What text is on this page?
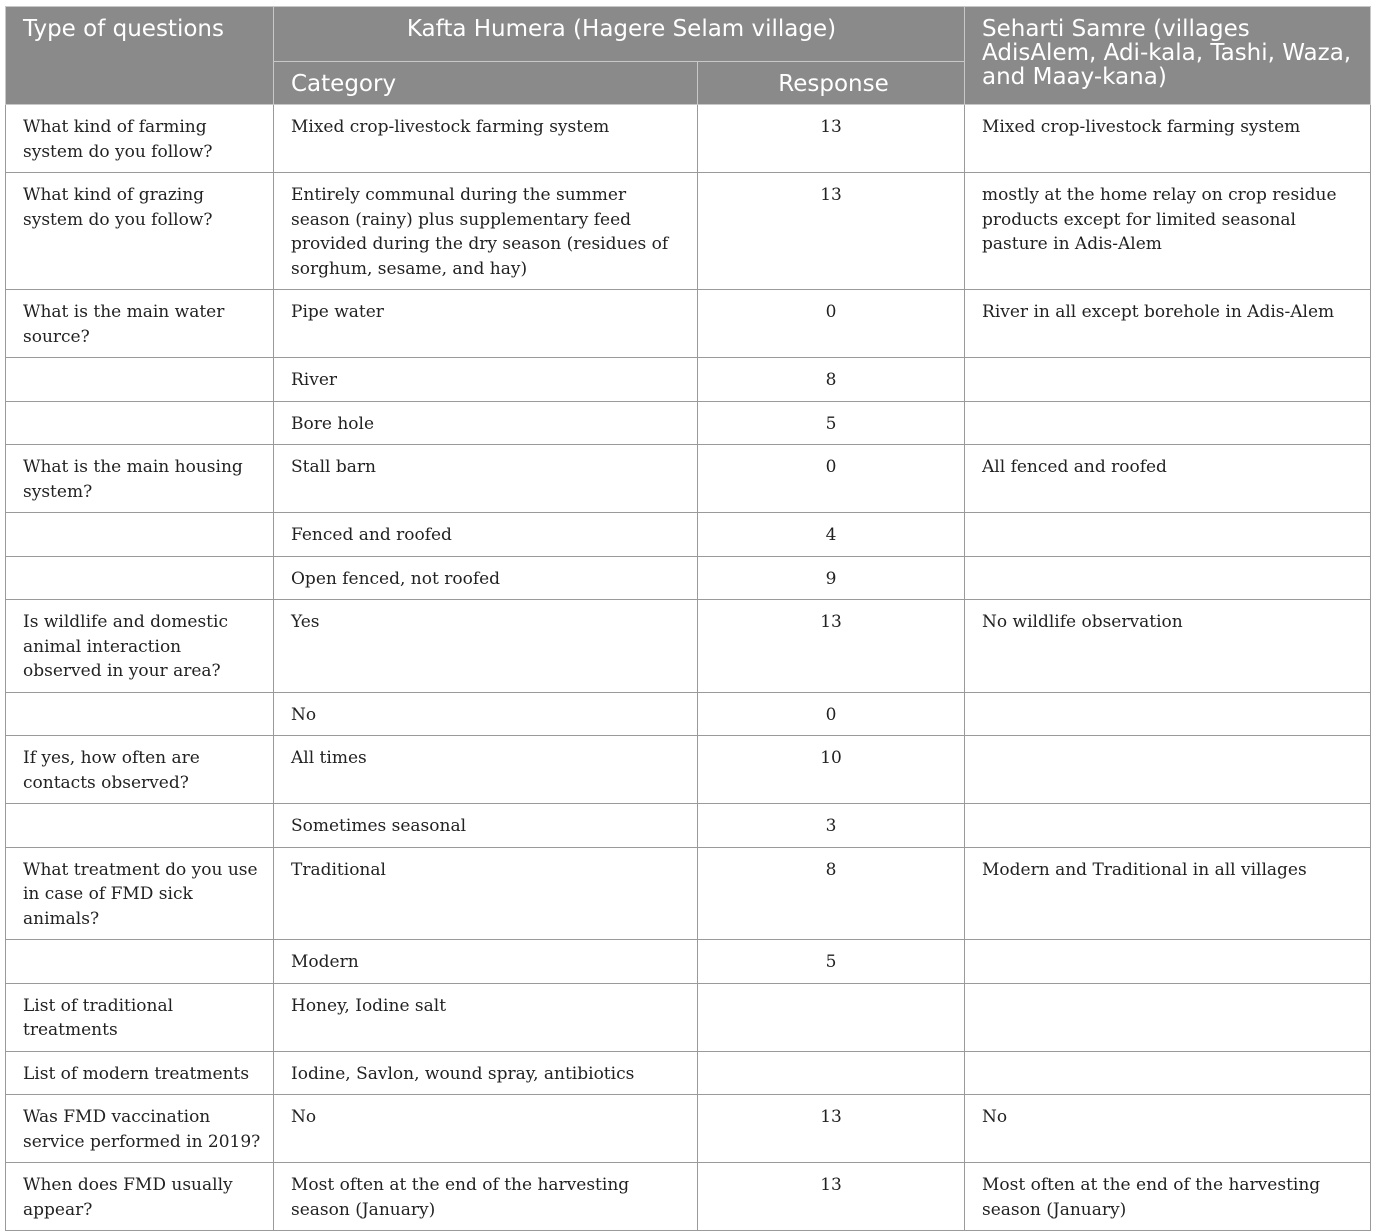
Type of questions	Kafta Humera (Hagere Selam village)		Seharti Samre (villages AdisAlem, Adi-kala, Tashi, Waza, and Maay-kana)
	Category	Response	
What kind of farming system do you follow?	Mixed crop-livestock farming system	13	Mixed crop-livestock farming system
What kind of grazing system do you follow?	Entirely communal during the summer season (rainy) plus supplementary feed provided during the dry season (residues of sorghum, sesame, and hay)	13	mostly at the home relay on crop residue products except for limited seasonal pasture in Adis-Alem
What is the main water source?	Pipe water	0	River in all except borehole in Adis-Alem
	River	8	
	Bore hole	5	
What is the main housing system?	Stall barn	0	All fenced and roofed
	Fenced and roofed	4	
	Open fenced, not roofed	9	
Is wildlife and domestic animal interaction observed in your area?	Yes	13	No wildlife observation
	No	0	
If yes, how often are contacts observed?	All times	10	
	Sometimes seasonal	3	
What treatment do you use in case of FMD sick animals?	Traditional	8	Modern and Traditional in all villages
	Modern	5	
List of traditional treatments	Honey, Iodine salt		
List of modern treatments	Iodine, Savlon, wound spray, antibiotics		
Was FMD vaccination service performed in 2019?	No	13	No
When does FMD usually appear?	Most often at the end of the harvesting season (January)	13	Most often at the end of the harvesting season (January)
